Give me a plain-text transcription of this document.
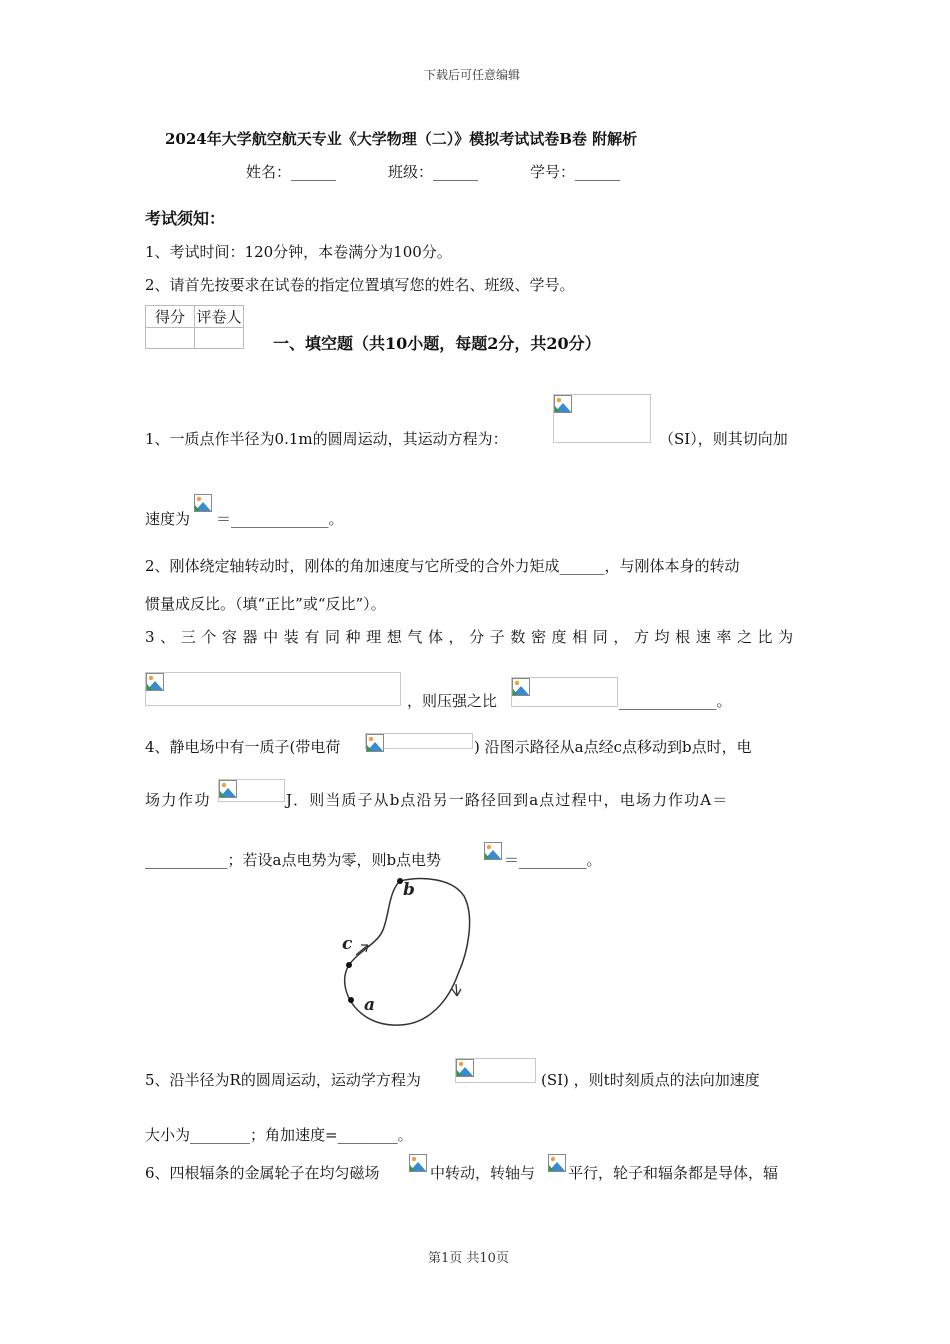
下载后可任意编辑
2024年大学航空航天专业《大学物理（二）》模拟考试试卷B卷 附解析
姓名：______	班级：______	学号：______
考试须知：
1、考试时间：120分钟，本卷满分为100分。
2、请首先按要求在试卷的指定位置填写您的姓名、班级、学号。
得分	评卷人

一、填空题（共10小题，每题2分，共20分）
1、一质点作半径为0.1m的圆周运动，其运动方程为：	（SI），则其切向加
速度为 ＝_____________。
2、刚体绕定轴转动时，刚体的角加速度与它所受的合外力矩成______，与刚体本身的转动
惯量成反比。（填“正比”或“反比”）。
3、三个容器中装有同种理想气体，分子数密度相同，方均根速率之比为
，则压强之比	_____________。
4、静电场中有一质子(带电荷	) 沿图示路径从a点经c点移动到b点时，电
场力作功	J．则当质子从b点沿另一路径回到a点过程中，电场力作功A＝
___________；若设a点电势为零，则b点电势	＝_________。
b
c
a
5、沿半径为R的圆周运动，运动学方程为	(SI) ，则t时刻质点的法向加速度
大小为________；角加速度=________。
6、四根辐条的金属轮子在均匀磁场	中转动，转轴与 平行，轮子和辐条都是导体，辐
第1页 共10页
